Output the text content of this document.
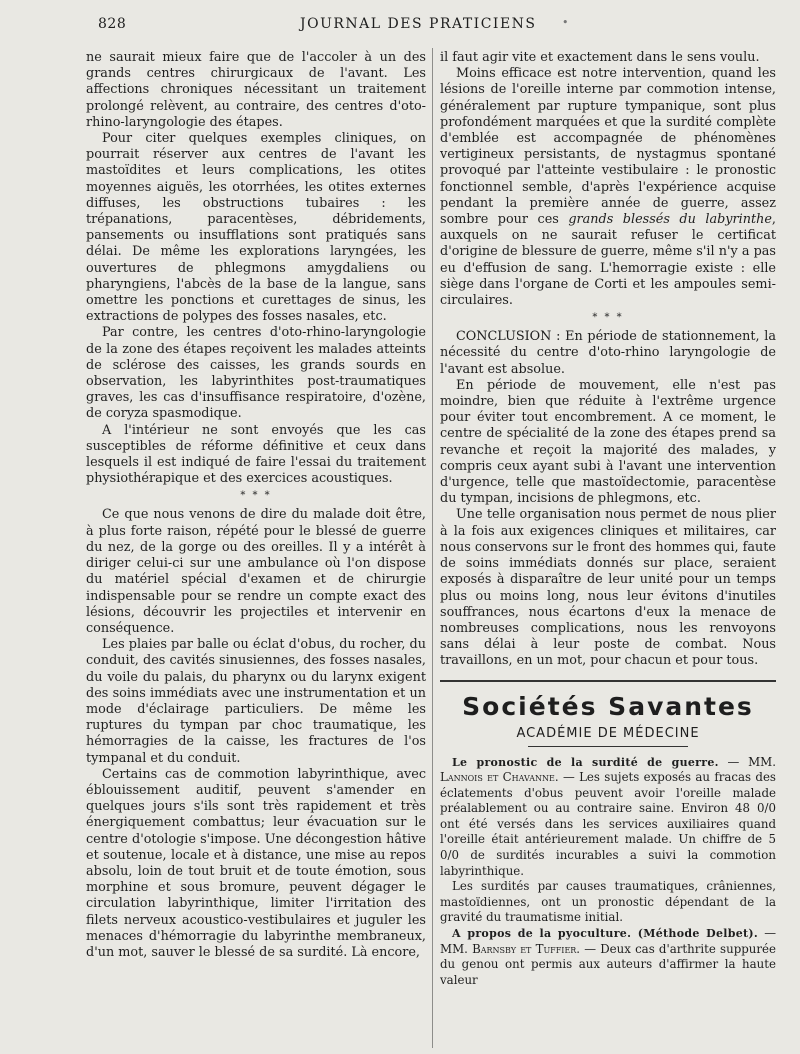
828	JOURNAL DES PRATICIENS •

ne saurait mieux faire que de l'accoler à un des grands centres chirurgicaux de l'avant. Les affections chroniques nécessitant un traitement prolongé relèvent, au contraire, des centres d'oto-rhino-laryngologie des étapes.

Pour citer quelques exemples cliniques, on pourrait réserver aux centres de l'avant les mastoïdites et leurs complications, les otites moyennes aiguës, les otorrhées, les otites externes diffuses, les obstructions tubaires : les trépanations, paracentèses, débridements, pansements ou insufflations sont pratiqués sans délai. De même les explorations laryngées, les ouvertures de phlegmons amygdaliens ou pharyngiens, l'abcès de la base de la langue, sans omettre les ponctions et curettages de sinus, les extractions de polypes des fosses nasales, etc.

Par contre, les centres d'oto-rhino-laryngologie de la zone des étapes reçoivent les malades atteints de sclérose des caisses, les grands sourds en observation, les labyrinthites post-traumatiques graves, les cas d'insuffisance respiratoire, d'ozène, de coryza spasmodique.

A l'intérieur ne sont envoyés que les cas susceptibles de réforme définitive et ceux dans lesquels il est indiqué de faire l'essai du traitement physiothérapique et des exercices acoustiques.

* * *

Ce que nous venons de dire du malade doit être, à plus forte raison, répété pour le blessé de guerre du nez, de la gorge ou des oreilles. Il y a intérêt à diriger celui-ci sur une ambulance où l'on dispose du matériel spécial d'examen et de chirurgie indispensable pour se rendre un compte exact des lésions, découvrir les projectiles et intervenir en conséquence.

Les plaies par balle ou éclat d'obus, du rocher, du conduit, des cavités sinusiennes, des fosses nasales, du voile du palais, du pharynx ou du larynx exigent des soins immédiats avec une instrumentation et un mode d'éclairage particuliers. De même les ruptures du tympan par choc traumatique, les hémorragies de la caisse, les fractures de l'os tympanal et du conduit.

Certains cas de commotion labyrinthique, avec éblouissement auditif, peuvent s'amender en quelques jours s'ils sont très rapidement et très énergiquement combattus; leur évacuation sur le centre d'otologie s'impose. Une décongestion hâtive et soutenue, locale et à distance, une mise au repos absolu, loin de tout bruit et de toute émotion, sous morphine et sous bromure, peuvent dégager le circulation labyrinthique, limiter l'irritation des filets nerveux acoustico-vestibulaires et juguler les menaces d'hémorragie du labyrinthe membraneux, d'un mot, sauver le blessé de sa surdité. Là encore,

il faut agir vite et exactement dans le sens voulu.

Moins efficace est notre intervention, quand les lésions de l'oreille interne par commotion intense, généralement par rupture tympanique, sont plus profondément marquées et que la surdité complète d'emblée est accompagnée de phénomènes vertigineux persistants, de nystagmus spontané provoqué par l'atteinte vestibulaire : le pronostic fonctionnel semble, d'après l'expérience acquise pendant la première année de guerre, assez sombre pour ces grands blessés du labyrinthe, auxquels on ne saurait refuser le certificat d'origine de blessure de guerre, même s'il n'y a pas eu d'effusion de sang. L'hemorragie existe : elle siège dans l'organe de Corti et les ampoules semi-circulaires.

* * *

CONCLUSION : En période de stationnement, la nécessité du centre d'oto-rhino laryngologie de l'avant est absolue.

En période de mouvement, elle n'est pas moindre, bien que réduite à l'extrême urgence pour éviter tout encombrement. A ce moment, le centre de spécialité de la zone des étapes prend sa revanche et reçoit la majorité des malades, y compris ceux ayant subi à l'avant une intervention d'urgence, telle que mastoïdectomie, paracentèse du tympan, incisions de phlegmons, etc.

Une telle organisation nous permet de nous plier à la fois aux exigences cliniques et militaires, car nous conservons sur le front des hommes qui, faute de soins immédiats donnés sur place, seraient exposés à disparaître de leur unité pour un temps plus ou moins long, nous leur évitons d'inutiles souffrances, nous écartons d'eux la menace de nombreuses complications, nous les renvoyons sans délai à leur poste de combat. Nous travaillons, en un mot, pour chacun et pour tous.

Sociétés Savantes
ACADÉMIE DE MÉDECINE

Le pronostic de la surdité de guerre. — MM. Lannois et Chavanne. — Les sujets exposés au fracas des éclatements d'obus peuvent avoir l'oreille malade préalablement ou au contraire saine. Environ 48 0/0 ont été versés dans les services auxiliaires quand l'oreille était antérieurement malade. Un chiffre de 5 0/0 de surdités incurables a suivi la commotion labyrinthique.

Les surdités par causes traumatiques, crâniennes, mastoïdiennes, ont un pronostic dépendant de la gravité du traumatisme initial.

A propos de la pyoculture. (Méthode Delbet). — MM. Barnsby et Tuffier. — Deux cas d'arthrite suppurée du genou ont permis aux auteurs d'affirmer la haute valeur
